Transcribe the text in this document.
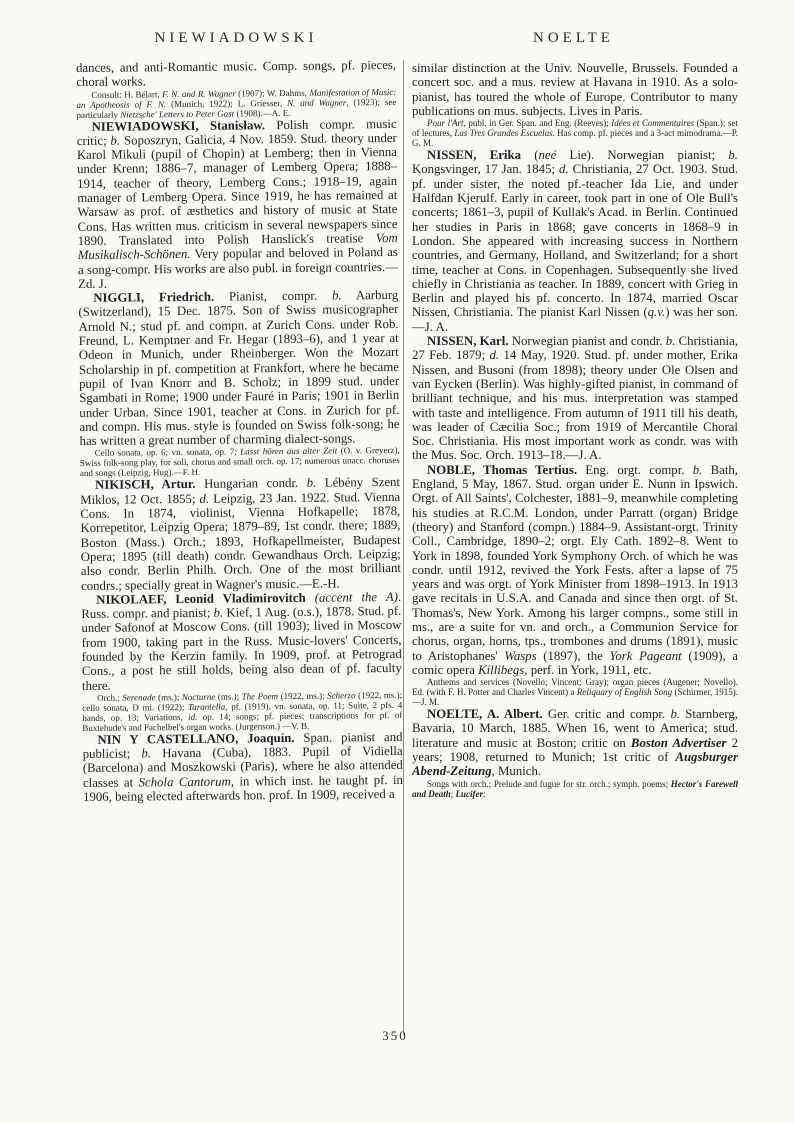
NIEWIADOWSKI	NOELTE

dances, and anti-Romantic music. Comp. songs, pf. pieces, choral works.

Consult: H. Bélart, F. N. and R. Wagner (1907); W. Dahms, Manifestation of Music: an Apotheosis of F. N. (Munich, 1922); L. Griesser, N. and Wagner, (1923); see particularly Nietzsche' Letters to Peter Gast (1908).—A. E.

NIEWIADOWSKI, Stanisław. Polish compr. music critic; b. Soposzryn, Galicia, 4 Nov. 1859. Stud. theory under Karol Mikuli (pupil of Chopin) at Lemberg; then in Vienna under Krenn; 1886–7, manager of Lemberg Opera; 1888–1914, teacher of theory, Lemberg Cons.; 1918–19, again manager of Lemberg Opera. Since 1919, he has remained at Warsaw as prof. of æsthetics and history of music at State Cons. Has written mus. criticism in several newspapers since 1890. Translated into Polish Hanslick's treatise Vom Musikalisch-Schönen. Very popular and beloved in Poland as a song-compr. His works are also publ. in foreign countries.—Zd. J.

NIGGLI, Friedrich. Pianist, compr. b. Aarburg (Switzerland), 15 Dec. 1875. Son of Swiss musicographer Arnold N.; stud pf. and compn. at Zurich Cons. under Rob. Freund, L. Kemptner and Fr. Hegar (1893–6), and 1 year at Odeon in Munich, under Rheinberger. Won the Mozart Scholarship in pf. competition at Frankfort, where he became pupil of Ivan Knorr and B. Scholz; in 1899 stud. under Sgambati in Rome; 1900 under Fauré in Paris; 1901 in Berlin under Urban. Since 1901, teacher at Cons. in Zurich for pf. and compn. His mus. style is founded on Swiss folk-song; he has written a great number of charming dialect-songs.

Cello sonata, op. 6; vn. sonata, op. 7; Lasst hören aus alter Zeit (O. v. Greyerz), Swiss folk-song play, for soli, chorus and small orch. op. 17; numerous unacc. choruses and songs (Leipzig, Hug).—F. H.

NIKISCH, Artur. Hungarian condr. b. Lébény Szent Miklos, 12 Oct. 1855; d. Leipzig, 23 Jan. 1922. Stud. Vienna Cons. In 1874, violinist, Vienna Hofkapelle; 1878, Korrepetitor, Leipzig Opera; 1879–89, 1st condr. there; 1889, Boston (Mass.) Orch.; 1893, Hofkapellmeister, Budapest Opera; 1895 (till death) condr. Gewandhaus Orch. Leipzig; also condr. Berlin Philh. Orch. One of the most brilliant condrs.; specially great in Wagner's music.—E.-H.

NIKOLAEF, Leonid Vladimirovitch (accent the A). Russ. compr. and pianist; b. Kief, 1 Aug. (o.s.), 1878. Stud. pf. under Safonof at Moscow Cons. (till 1903); lived in Moscow from 1900, taking part in the Russ. Music-lovers' Concerts, founded by the Kerzin family. In 1909, prof. at Petrograd Cons., a post he still holds, being also dean of pf. faculty there.

Orch.: Serenade (ms.); Nocturne (ms.); The Poem (1922, ms.); Scherzo (1922, ms.); cello sonata, D mi. (1922); Tarantella, pf. (1919). vn. sonata, op. 11; Suite, 2 pfs. 4 hands, op. 13; Variations, id. op. 14; songs; pf. pieces; transcriptions for pf. of Buxtehude's and Pachelbel's organ works. (Jurgenson.) —V. B.

NIN Y CASTELLANO, Joaquín. Span. pianist and publicist; b. Havana (Cuba), 1883. Pupil of Vidiella (Barcelona) and Moszkowski (Paris), where he also attended classes at Schola Cantorum, in which inst. he taught pf. in 1906, being elected afterwards hon. prof. In 1909, received a

similar distinction at the Univ. Nouvelle, Brussels. Founded a concert soc. and a mus. review at Havana in 1910. As a solo-pianist, has toured the whole of Europe. Contributor to many publications on mus. subjects. Lives in Paris.

Pour l'Art, publ. in Ger. Span. and Eng. (Reeves); Idées et Commentaires (Span.); set of lectures, Las Tres Grandes Escuelas. Has comp. pf. pieces and a 3-act mimodrama.—P. G. M.

NISSEN, Erika (neé Lie). Norwegian pianist; b. Kongsvinger, 17 Jan. 1845; d. Christiania, 27 Oct. 1903. Stud. pf. under sister, the noted pf.-teacher Ida Lie, and under Halfdan Kjerulf. Early in career, took part in one of Ole Bull's concerts; 1861–3, pupil of Kullak's Acad. in Berlin. Continued her studies in Paris in 1868; gave concerts in 1868–9 in London. She appeared with increasing success in Northern countries, and Germany, Holland, and Switzerland; for a short time, teacher at Cons. in Copenhagen. Subsequently she lived chiefly in Christiania as teacher. In 1889, concert with Grieg in Berlin and played his pf. concerto. In 1874, married Oscar Nissen, Christiania. The pianist Karl Nissen (q.v.) was her son.—J. A.

NISSEN, Karl. Norwegian pianist and condr. b. Christiania, 27 Feb. 1879; d. 14 May, 1920. Stud. pf. under mother, Erika Nissen, and Busoni (from 1898); theory under Ole Olsen and van Eycken (Berlin). Was highly-gifted pianist, in command of brilliant technique, and his mus. interpretation was stamped with taste and intelligence. From autumn of 1911 till his death, was leader of Cæcilia Soc.; from 1919 of Mercantile Choral Soc. Christiania. His most important work as condr. was with the Mus. Soc. Orch. 1913–18.—J. A.

NOBLE, Thomas Tertius. Eng. orgt. compr. b. Bath, England, 5 May, 1867. Stud. organ under E. Nunn in Ipswich. Orgt. of All Saints', Colchester, 1881–9, meanwhile completing his studies at R.C.M. London, under Parratt (organ) Bridge (theory) and Stanford (compn.) 1884–9. Assistant-orgt. Trinity Coll., Cambridge, 1890–2; orgt. Ely Cath. 1892–8. Went to York in 1898, founded York Symphony Orch. of which he was condr. until 1912, revived the York Fests. after a lapse of 75 years and was orgt. of York Minister from 1898–1913. In 1913 gave recitals in U.S.A. and Canada and since then orgt. of St. Thomas's, New York. Among his larger compns., some still in ms., are a suite for vn. and orch., a Communion Service for chorus, organ, horns, tps., trombones and drums (1891), music to Aristophanes' Wasps (1897), the York Pageant (1909), a comic opera Killibegs, perf. in York, 1911, etc.

Anthems and services (Novello; Vincent; Gray); organ pieces (Augener; Novello). Ed. (with F. H. Potter and Charles Vincent) a Reliquary of English Song (Schirmer, 1915).—J. M.

NOELTE, A. Albert. Ger. critic and compr. b. Starnberg, Bavaria, 10 March, 1885. When 16, went to America; stud. literature and music at Boston; critic on Boston Advertiser 2 years; 1908, returned to Munich; 1st critic of Augsburger Abend-Zeitung, Munich.

Songs with orch.; Prelude and fugue for str. orch.; symph. poems; Hector's Farewell and Death; Lucifer;

350
